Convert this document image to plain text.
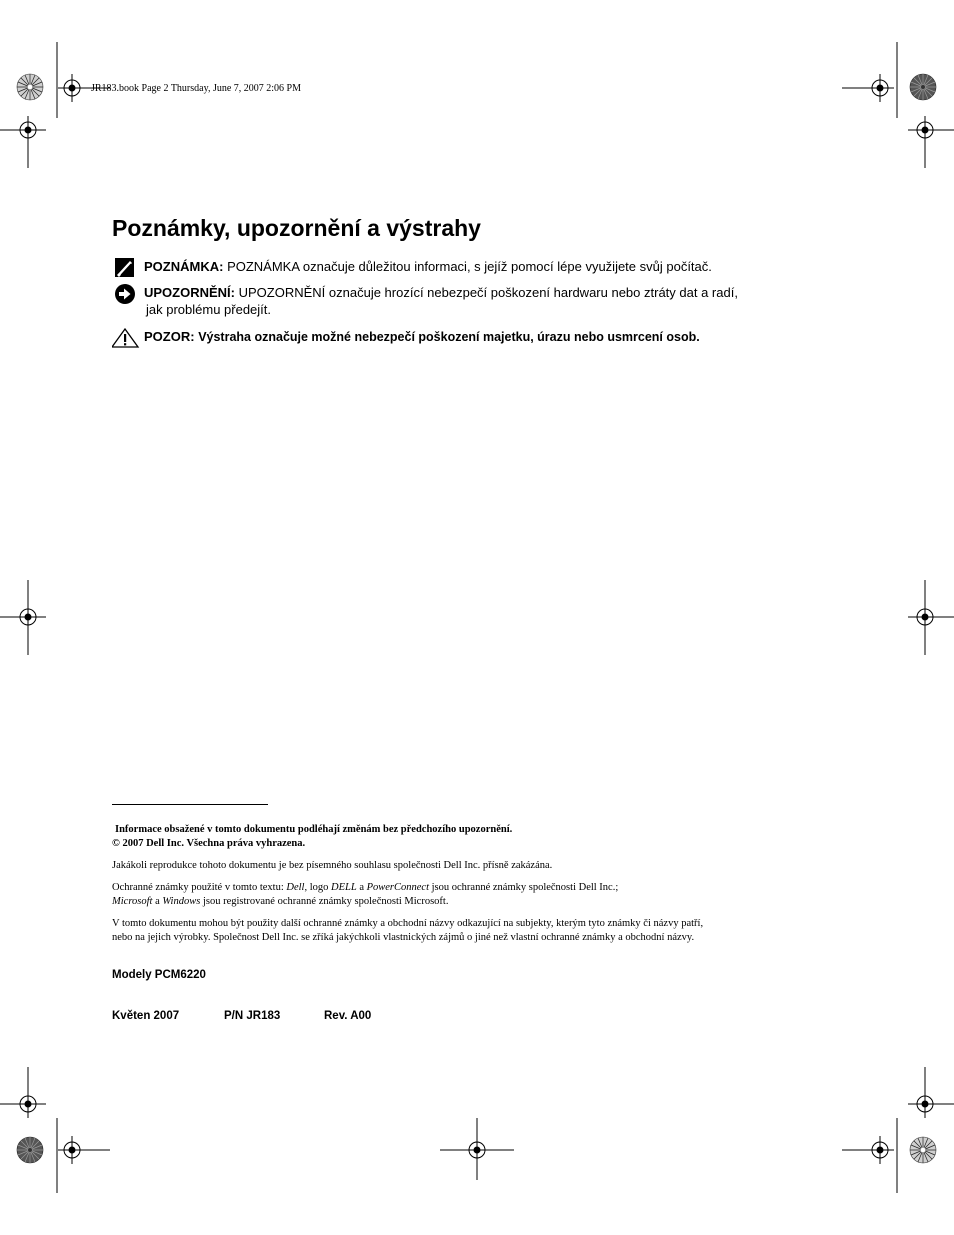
JR183.book Page 2 Thursday, June 7, 2007 2:06 PM
Poznámky, upozornění a výstrahy
POZNÁMKA: POZNÁMKA označuje důležitou informaci, s jejíž pomocí lépe využijete svůj počítač.
UPOZORNĚNÍ: UPOZORNĚNÍ označuje hrozící nebezpečí poškození hardwaru nebo ztráty dat a radí,
jak problému předejít.
POZOR: Výstraha označuje možné nebezpečí poškození majetku, úrazu nebo usmrcení osob.
Informace obsažené v tomto dokumentu podléhají změnám bez předchozího upozornění.
© 2007 Dell Inc. Všechna práva vyhrazena.
Jakákoli reprodukce tohoto dokumentu je bez písemného souhlasu společnosti Dell Inc. přísně zakázána.
Ochranné známky použité v tomto textu: Dell, logo DELL a PowerConnect jsou ochranné známky společnosti Dell Inc.;
Microsoft a Windows jsou registrované ochranné známky společnosti Microsoft.
V tomto dokumentu mohou být použity další ochranné známky a obchodní názvy odkazující na subjekty, kterým tyto známky či názvy patří,
nebo na jejich výrobky. Společnost Dell Inc. se zříká jakýchkoli vlastnických zájmů o jiné než vlastní ochranné známky a obchodní názvy.
Modely PCM6220
Květen 2007	P/N JR183	Rev. A00
